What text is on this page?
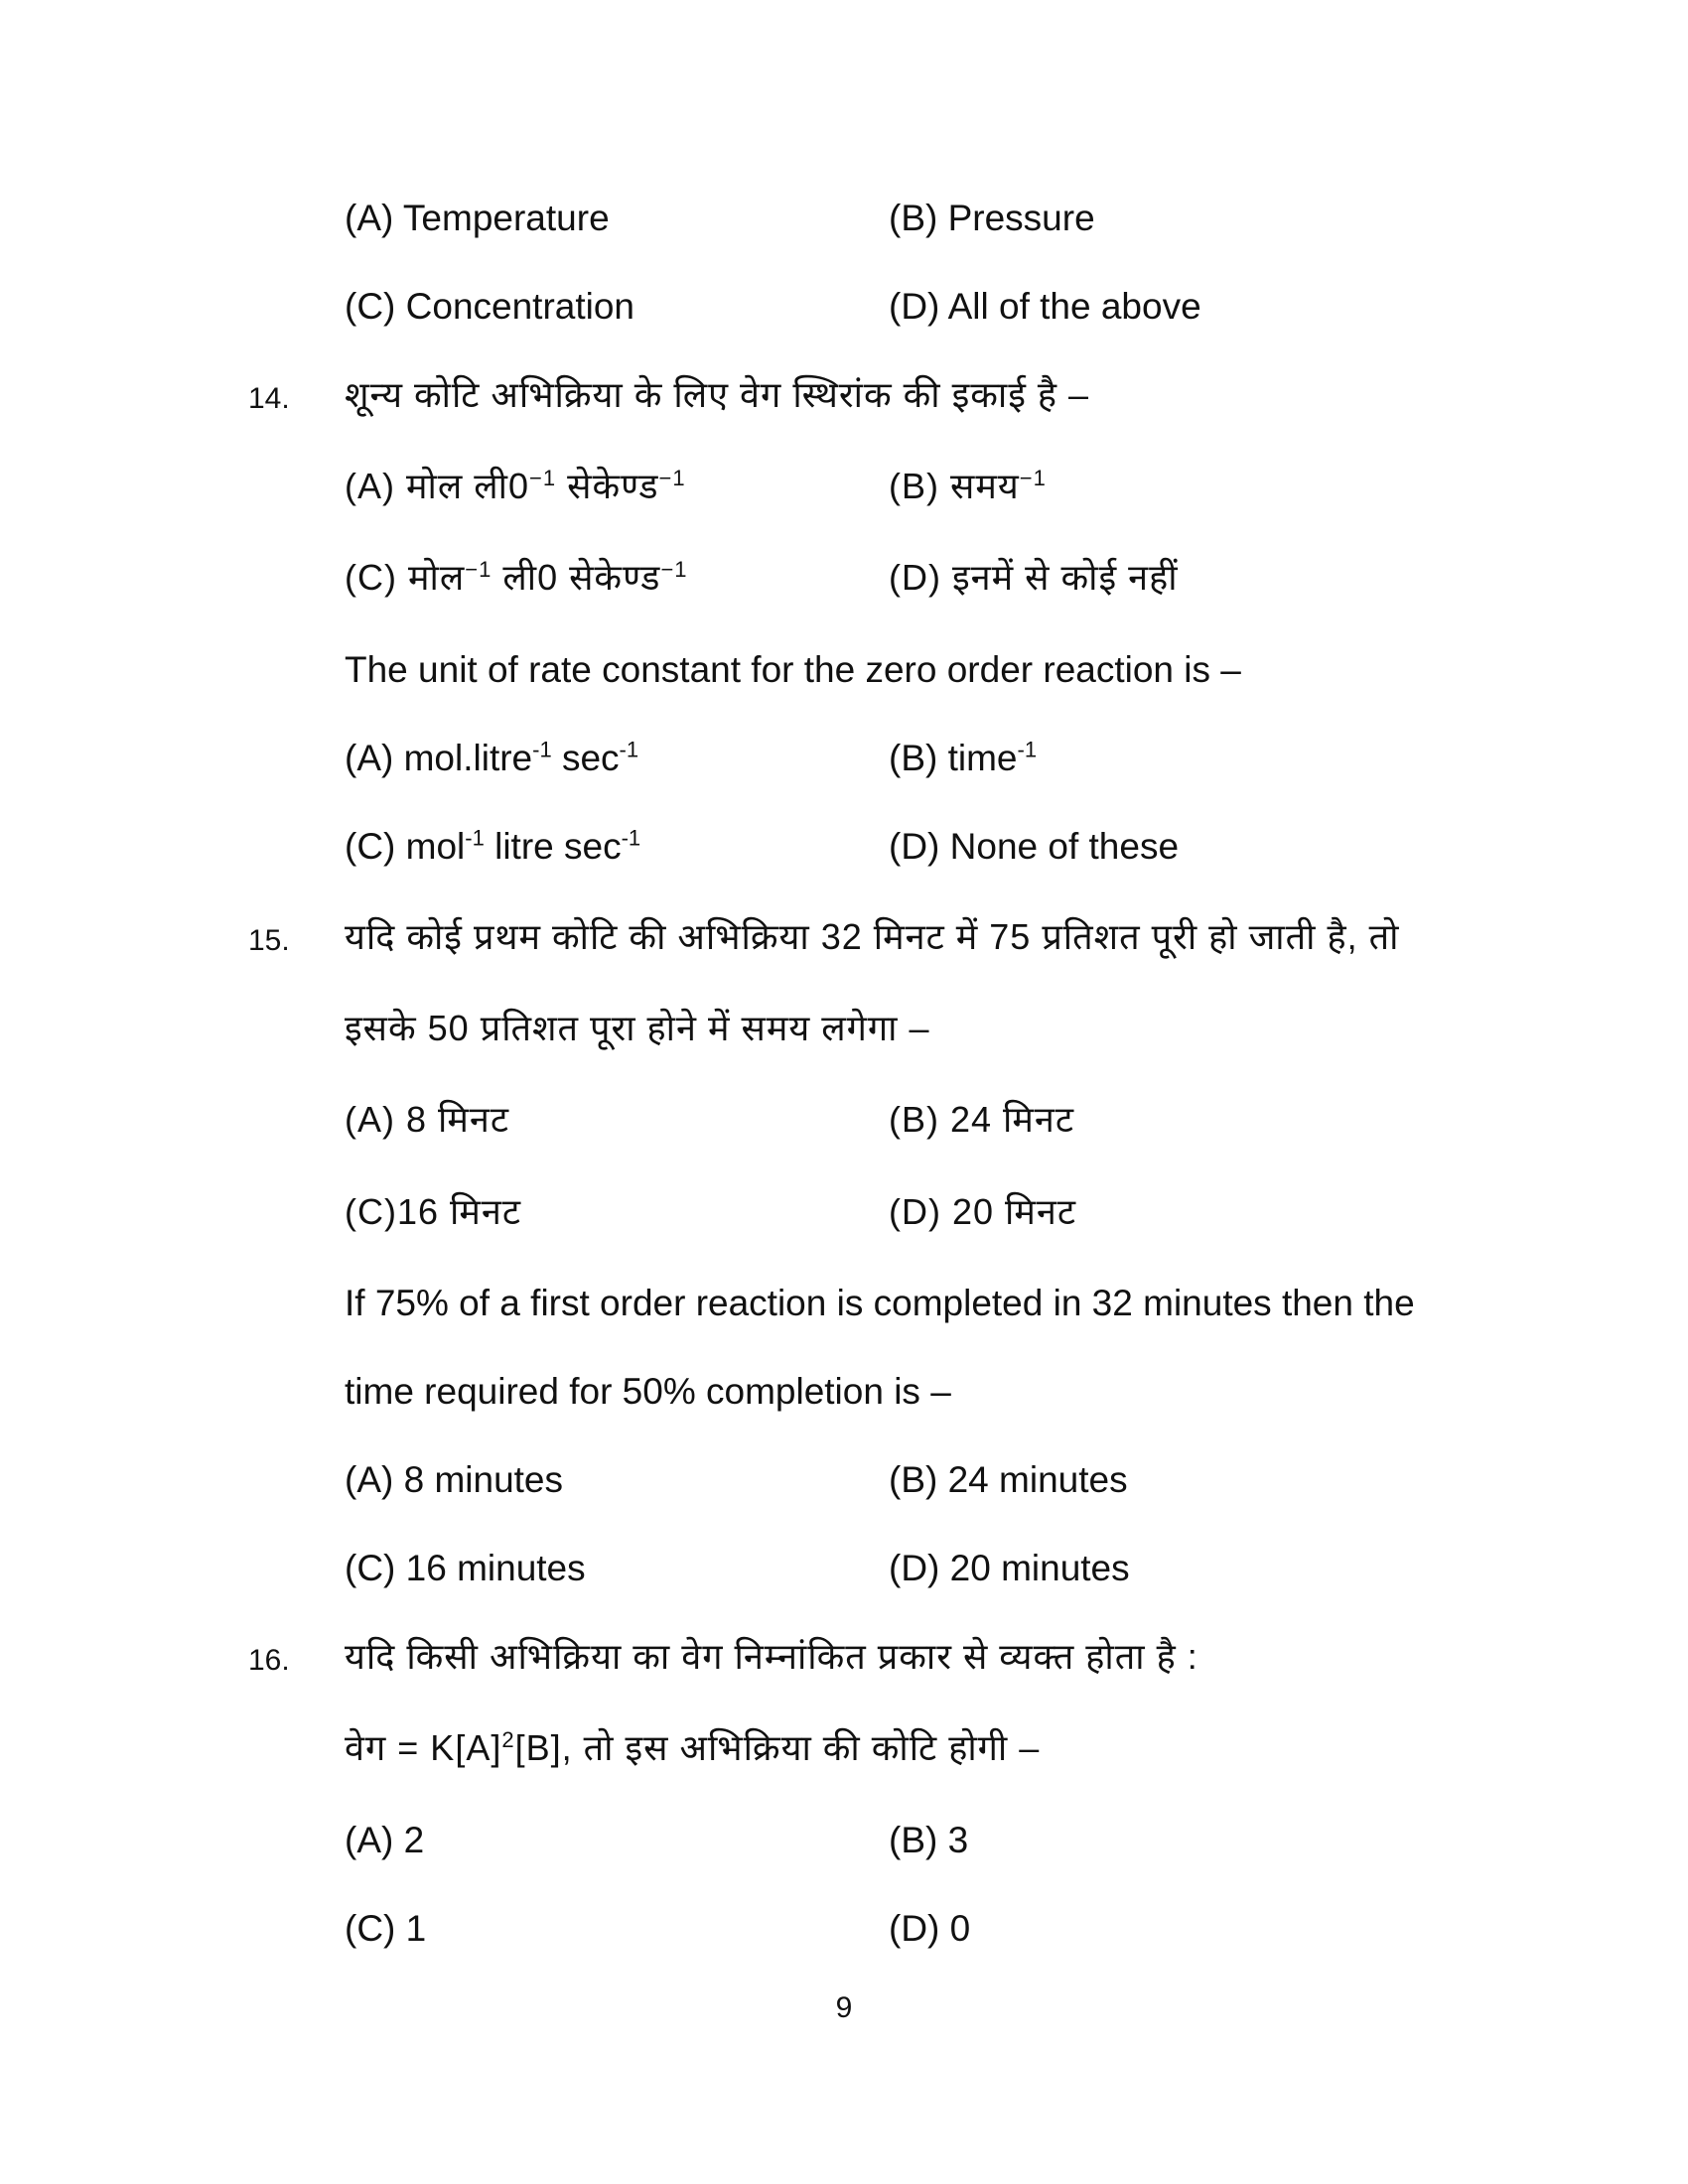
(A) Temperature	(B) Pressure
(C) Concentration	(D) All of the above
14. शून्य कोटि अभिक्रिया के लिए वेग स्थिरांक की इकाई है –
(A) मोल $ली0^{-1}$ सेकेण्ड$^{-1}$	(B) समय$^{-1}$
(C) मोल$^{-1}$ ली0 सेकेण्ड$^{-1}$	(D) इनमें से कोई नहीं
The unit of rate constant for the zero order reaction is –
(A) mol.litre$^{-1}$ $\sec^{-1}$	(B) time$^{-1}$
(C) mol$^{-1}$ litre $\sec^{-1}$	(D) None of these
15. यदि कोई प्रथम कोटि की अभिक्रिया 32 मिनट में 75 प्रतिशत पूरी हो जाती है, तो
इसके 50 प्रतिशत पूरा होने में समय लगेगा –
(A) 8 मिनट	(B) 24 मिनट
(C)16 मिनट	(D) 20 मिनट
If 75% of a first order reaction is completed in 32 minutes then the
time required for 50% completion is –
(A) 8 minutes	(B) 24 minutes
(C) 16 minutes	(D) 20 minutes
16. यदि किसी अभिक्रिया का वेग निम्नांकित प्रकार से व्यक्त होता है :
वेग = $K[A]^2[B]$, तो इस अभिक्रिया की कोटि होगी –
(A) 2	(B) 3
(C) 1	(D) 0
9
